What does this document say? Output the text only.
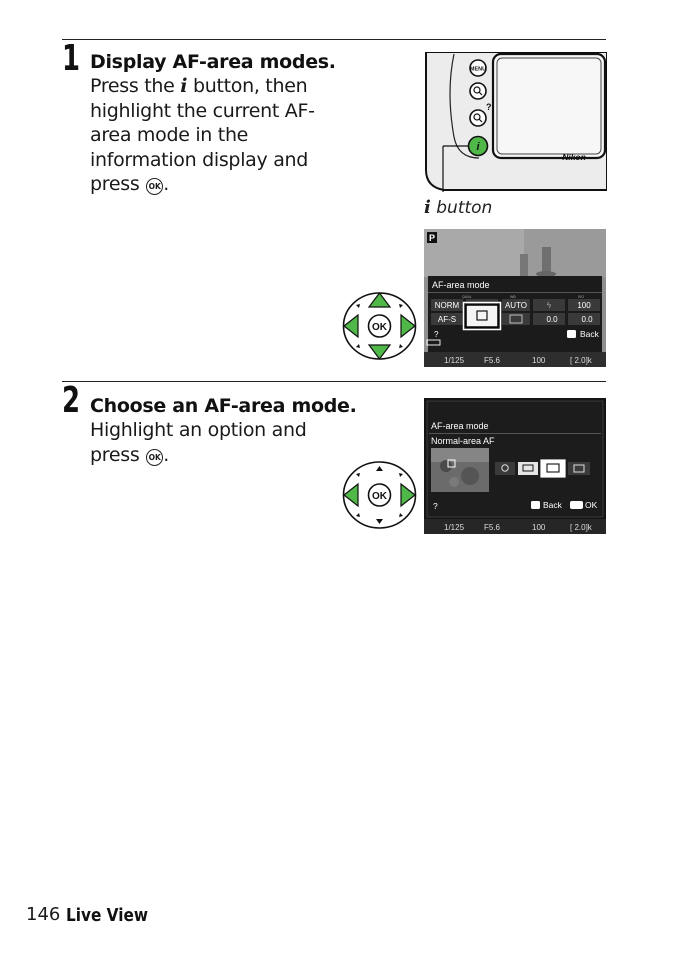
1 Display AF-area modes.
Press the i button, then highlight the current AF-area mode in the information display and press OK .
MENU
?
i
Nikon
i button
OK
P
AF-area mode
QUAL	WB	ISO
NORM	AUTO ϟ	100
AF-S	0.0	0.0
?	Back
1/125 F5.6	100	[ 2.0]k
2 Choose an AF-area mode.
Highlight an option and press OK .
OK
AF-area mode
Normal-area AF
?	Back	OK
1/125 F5.6	100	[ 2.0]k
146 Live View
